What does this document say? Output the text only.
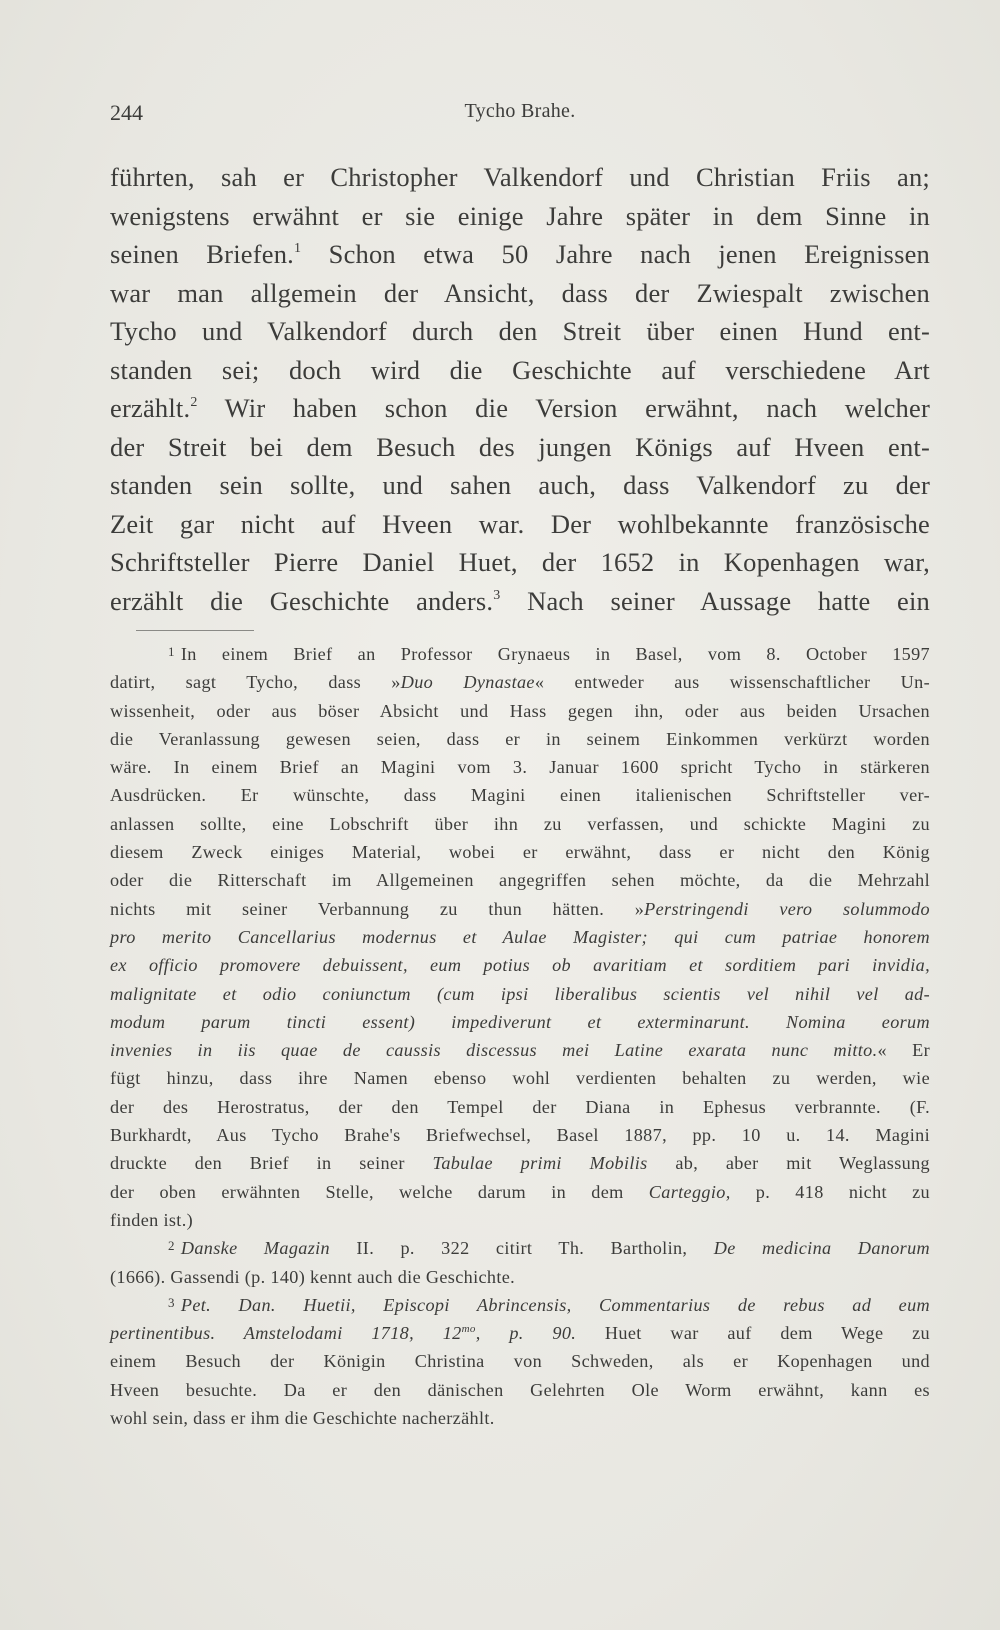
244	Tycho Brahe.
führten, sah er Christopher Valkendorf und Christian Friis an;
wenigstens erwähnt er sie einige Jahre später in dem Sinne in
seinen Briefen.$^1$ Schon etwa 50 Jahre nach jenen Ereignissen
war man allgemein der Ansicht, dass der Zwiespalt zwischen
Tycho und Valkendorf durch den Streit über einen Hund ent-
standen sei; doch wird die Geschichte auf verschiedene Art
erzählt.$^2$ Wir haben schon die Version erwähnt, nach welcher
der Streit bei dem Besuch des jungen Königs auf Hveen ent-
standen sein sollte, und sahen auch, dass Valkendorf zu der
Zeit gar nicht auf Hveen war. Der wohlbekannte französische
Schriftsteller Pierre Daniel Huet, der 1652 in Kopenhagen war,
erzählt die Geschichte anders.$^3$ Nach seiner Aussage hatte ein
$^1$ In einem Brief an Professor Grynaeus in Basel, vom 8. October 1597
datirt, sagt Tycho, dass »Duo Dynastae« entweder aus wissenschaftlicher Un-
wissenheit, oder aus böser Absicht und Hass gegen ihn, oder aus beiden Ursachen
die Veranlassung gewesen seien, dass er in seinem Einkommen verkürzt worden
wäre. In einem Brief an Magini vom 3. Januar 1600 spricht Tycho in stärkeren
Ausdrücken. Er wünschte, dass Magini einen italienischen Schriftsteller ver-
anlassen sollte, eine Lobschrift über ihn zu verfassen, und schickte Magini zu
diesem Zweck einiges Material, wobei er erwähnt, dass er nicht den König
oder die Ritterschaft im Allgemeinen angegriffen sehen möchte, da die Mehrzahl
nichts mit seiner Verbannung zu thun hätten. »Perstringendi vero solummodo
pro merito Cancellarius modernus et Aulae Magister; qui cum patriae honorem
ex officio promovere debuissent, eum potius ob avaritiam et sorditiem pari invidia,
malignitate et odio coniunctum (cum ipsi liberalibus scientis vel nihil vel ad-
modum parum tincti essent) impediverunt et exterminarunt. Nomina eorum
invenies in iis quae de caussis discessus mei Latine exarata nunc mitto.« Er
fügt hinzu, dass ihre Namen ebenso wohl verdienten behalten zu werden, wie
der des Herostratus, der den Tempel der Diana in Ephesus verbrannte. (F.
Burkhardt, Aus Tycho Brahe's Briefwechsel, Basel 1887, pp. 10 u. 14. Magini
druckte den Brief in seiner Tabulae primi Mobilis ab, aber mit Weglassung
der oben erwähnten Stelle, welche darum in dem Carteggio, p. 418 nicht zu
finden ist.)
$^2$ Danske Magazin II. p. 322 citirt Th. Bartholin, De medicina Danorum
(1666). Gassendi (p. 140) kennt auch die Geschichte.
$^3$ Pet. Dan. Huetii, Episcopi Abrincensis, Commentarius de rebus ad eum
pertinentibus. Amstelodami 1718, $12^{mo}$, p. 90. Huet war auf dem Wege zu
einem Besuch der Königin Christina von Schweden, als er Kopenhagen und
Hveen besuchte. Da er den dänischen Gelehrten Ole Worm erwähnt, kann es
wohl sein, dass er ihm die Geschichte nacherzählt.
